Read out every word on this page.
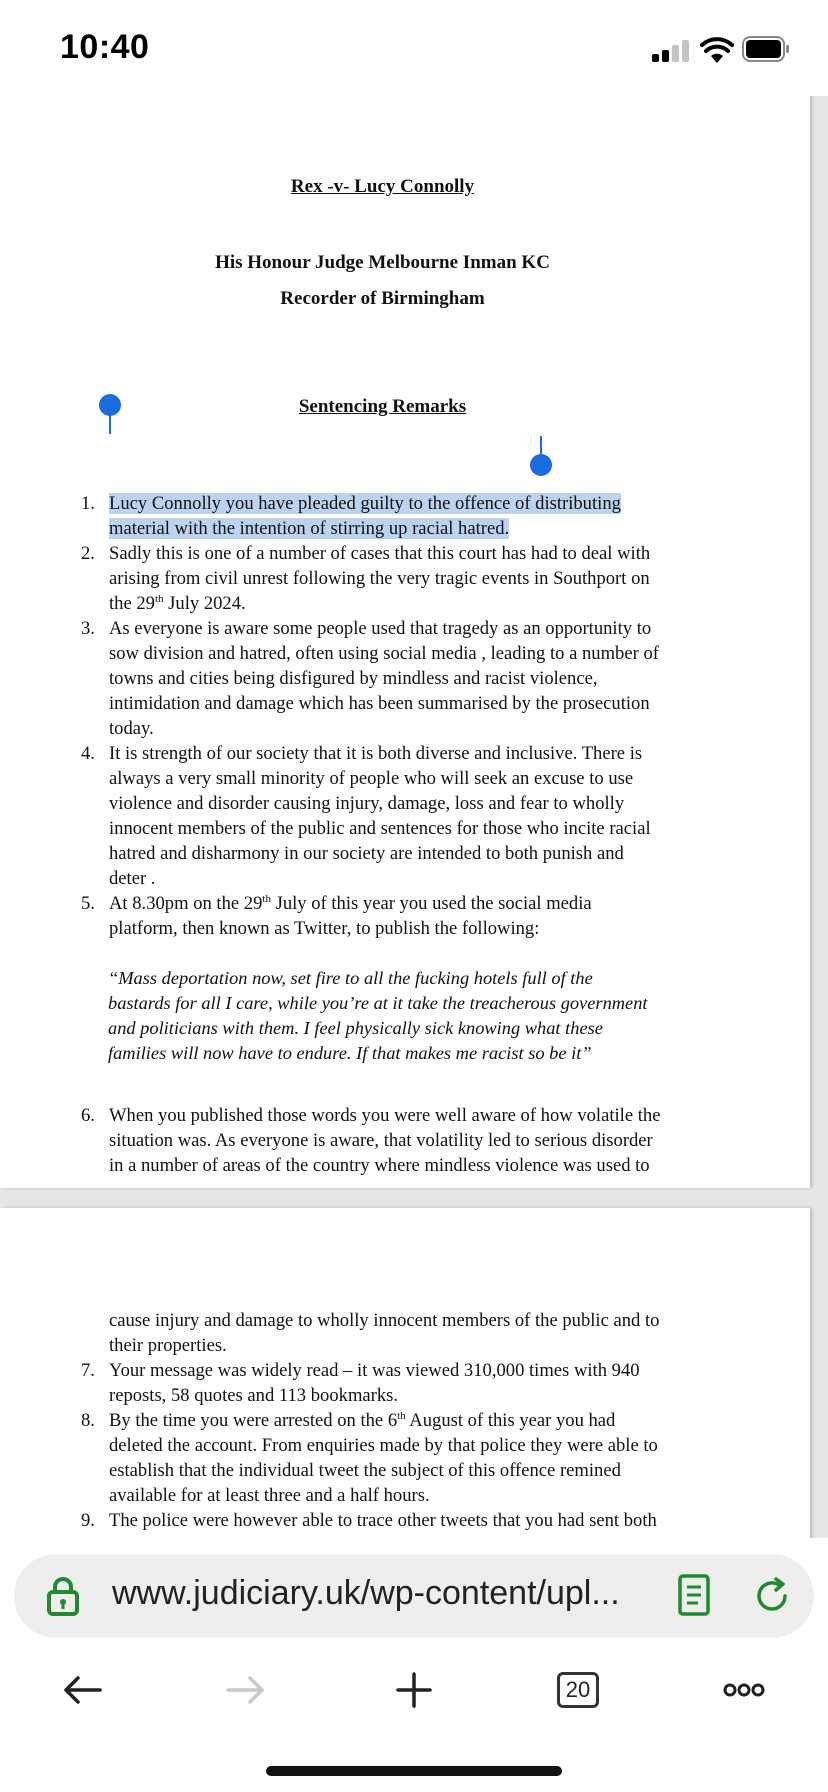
10:40
Rex -v- Lucy Connolly
His Honour Judge Melbourne Inman KC
Recorder of Birmingham
Sentencing Remarks
1. Lucy Connolly you have pleaded guilty to the offence of distributing
material with the intention of stirring up racial hatred.
2. Sadly this is one of a number of cases that this court has had to deal with
arising from civil unrest following the very tragic events in Southport on
the 29th July 2024.
3. As everyone is aware some people used that tragedy as an opportunity to
sow division and hatred, often using social media , leading to a number of
towns and cities being disfigured by mindless and racist violence,
intimidation and damage which has been summarised by the prosecution
today.
4. It is strength of our society that it is both diverse and inclusive. There is
always a very small minority of people who will seek an excuse to use
violence and disorder causing injury, damage, loss and fear to wholly
innocent members of the public and sentences for those who incite racial
hatred and disharmony in our society are intended to both punish and
deter .
5. At 8.30pm on the 29th July of this year you used the social media
platform, then known as Twitter, to publish the following:
“Mass deportation now, set fire to all the fucking hotels full of the
bastards for all I care, while you’re at it take the treacherous government
and politicians with them. I feel physically sick knowing what these
families will now have to endure. If that makes me racist so be it”
6. When you published those words you were well aware of how volatile the
situation was. As everyone is aware, that volatility led to serious disorder
in a number of areas of the country where mindless violence was used to
cause injury and damage to wholly innocent members of the public and to
their properties.
7. Your message was widely read – it was viewed 310,000 times with 940
reposts, 58 quotes and 113 bookmarks.
8. By the time you were arrested on the 6th August of this year you had
deleted the account. From enquiries made by that police they were able to
establish that the individual tweet the subject of this offence remined
available for at least three and a half hours.
9. The police were however able to trace other tweets that you had sent both
www.judiciary.uk/wp-content/upl...
20
